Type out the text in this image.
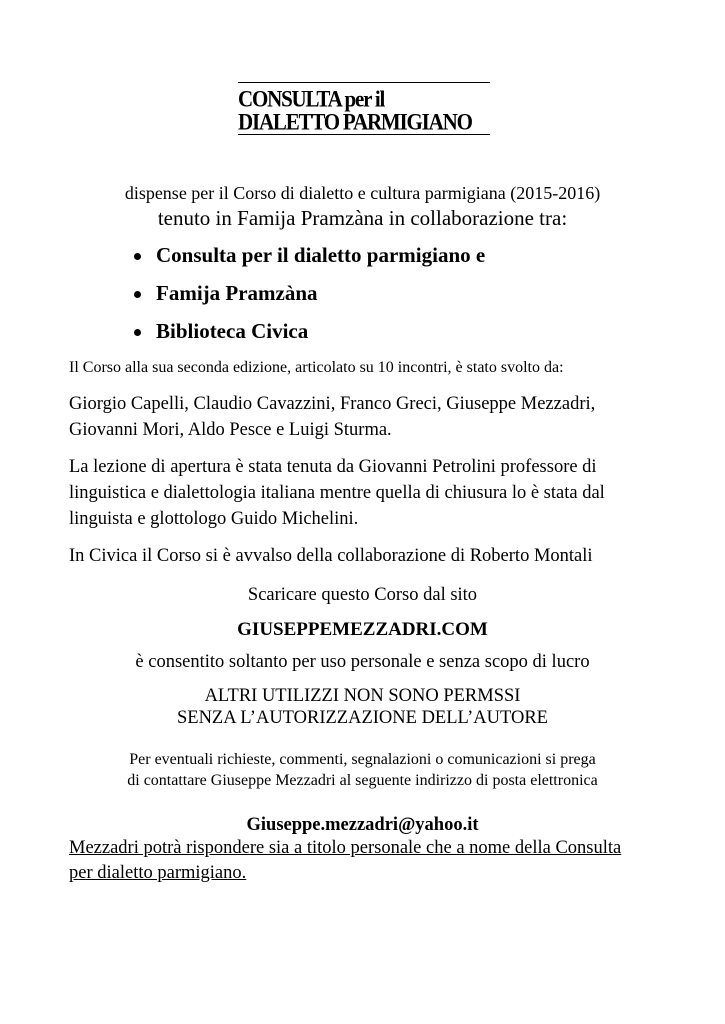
CONSULTA per il
DIALETTO PARMIGIANO
dispense per il Corso di dialetto e cultura parmigiana (2015-2016)
tenuto in Famija Pramzàna in collaborazione tra:
Consulta per il dialetto parmigiano e
Famija Pramzàna
Biblioteca Civica
Il Corso alla sua seconda edizione, articolato su 10 incontri, è stato svolto da:
Giorgio Capelli, Claudio Cavazzini, Franco Greci, Giuseppe Mezzadri,
Giovanni Mori, Aldo Pesce e Luigi Sturma.
La lezione di apertura è stata tenuta da Giovanni Petrolini professore di
linguistica e dialettologia italiana mentre quella di chiusura lo è stata dal
linguista e glottologo Guido Michelini.
In Civica il Corso si è avvalso della collaborazione di Roberto Montali
Scaricare questo Corso dal sito
GIUSEPPEMEZZADRI.COM
è consentito soltanto per uso personale e senza scopo di lucro
ALTRI UTILIZZI NON SONO PERMSSI
SENZA L’AUTORIZZAZIONE DELL’AUTORE
Per eventuali richieste, commenti, segnalazioni o comunicazioni si prega
di contattare Giuseppe Mezzadri al seguente indirizzo di posta elettronica
Giuseppe.mezzadri@yahoo.it
Mezzadri potrà rispondere sia a titolo personale che a nome della Consulta
per dialetto parmigiano.
